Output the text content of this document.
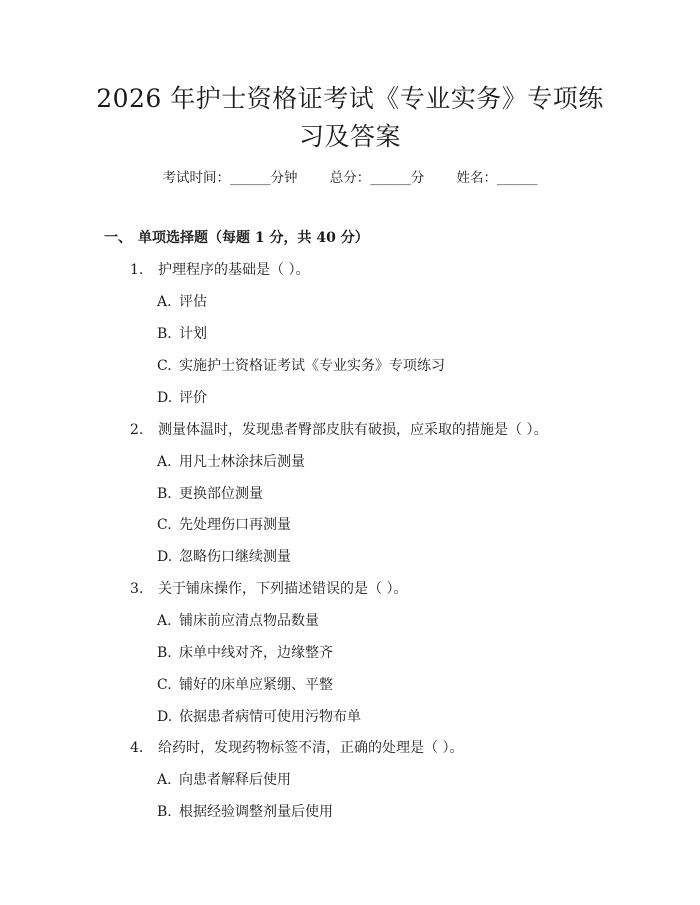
2026 年护士资格证考试《专业实务》专项练
习及答案
考试时间：______分钟 总分：______分 姓名：______
一、 单项选择题（每题 1 分，共 40 分）
1. 护理程序的基础是（ ）。
A. 评估
B. 计划
C. 实施护士资格证考试《专业实务》专项练习
D. 评价
2. 测量体温时，发现患者臀部皮肤有破损，应采取的措施是（ ）。
A. 用凡士林涂抹后测量
B. 更换部位测量
C. 先处理伤口再测量
D. 忽略伤口继续测量
3. 关于铺床操作，下列描述错误的是（ ）。
A. 铺床前应清点物品数量
B. 床单中线对齐，边缘整齐
C. 铺好的床单应紧绷、平整
D. 依据患者病情可使用污物布单
4. 给药时，发现药物标签不清，正确的处理是（ ）。
A. 向患者解释后使用
B. 根据经验调整剂量后使用
